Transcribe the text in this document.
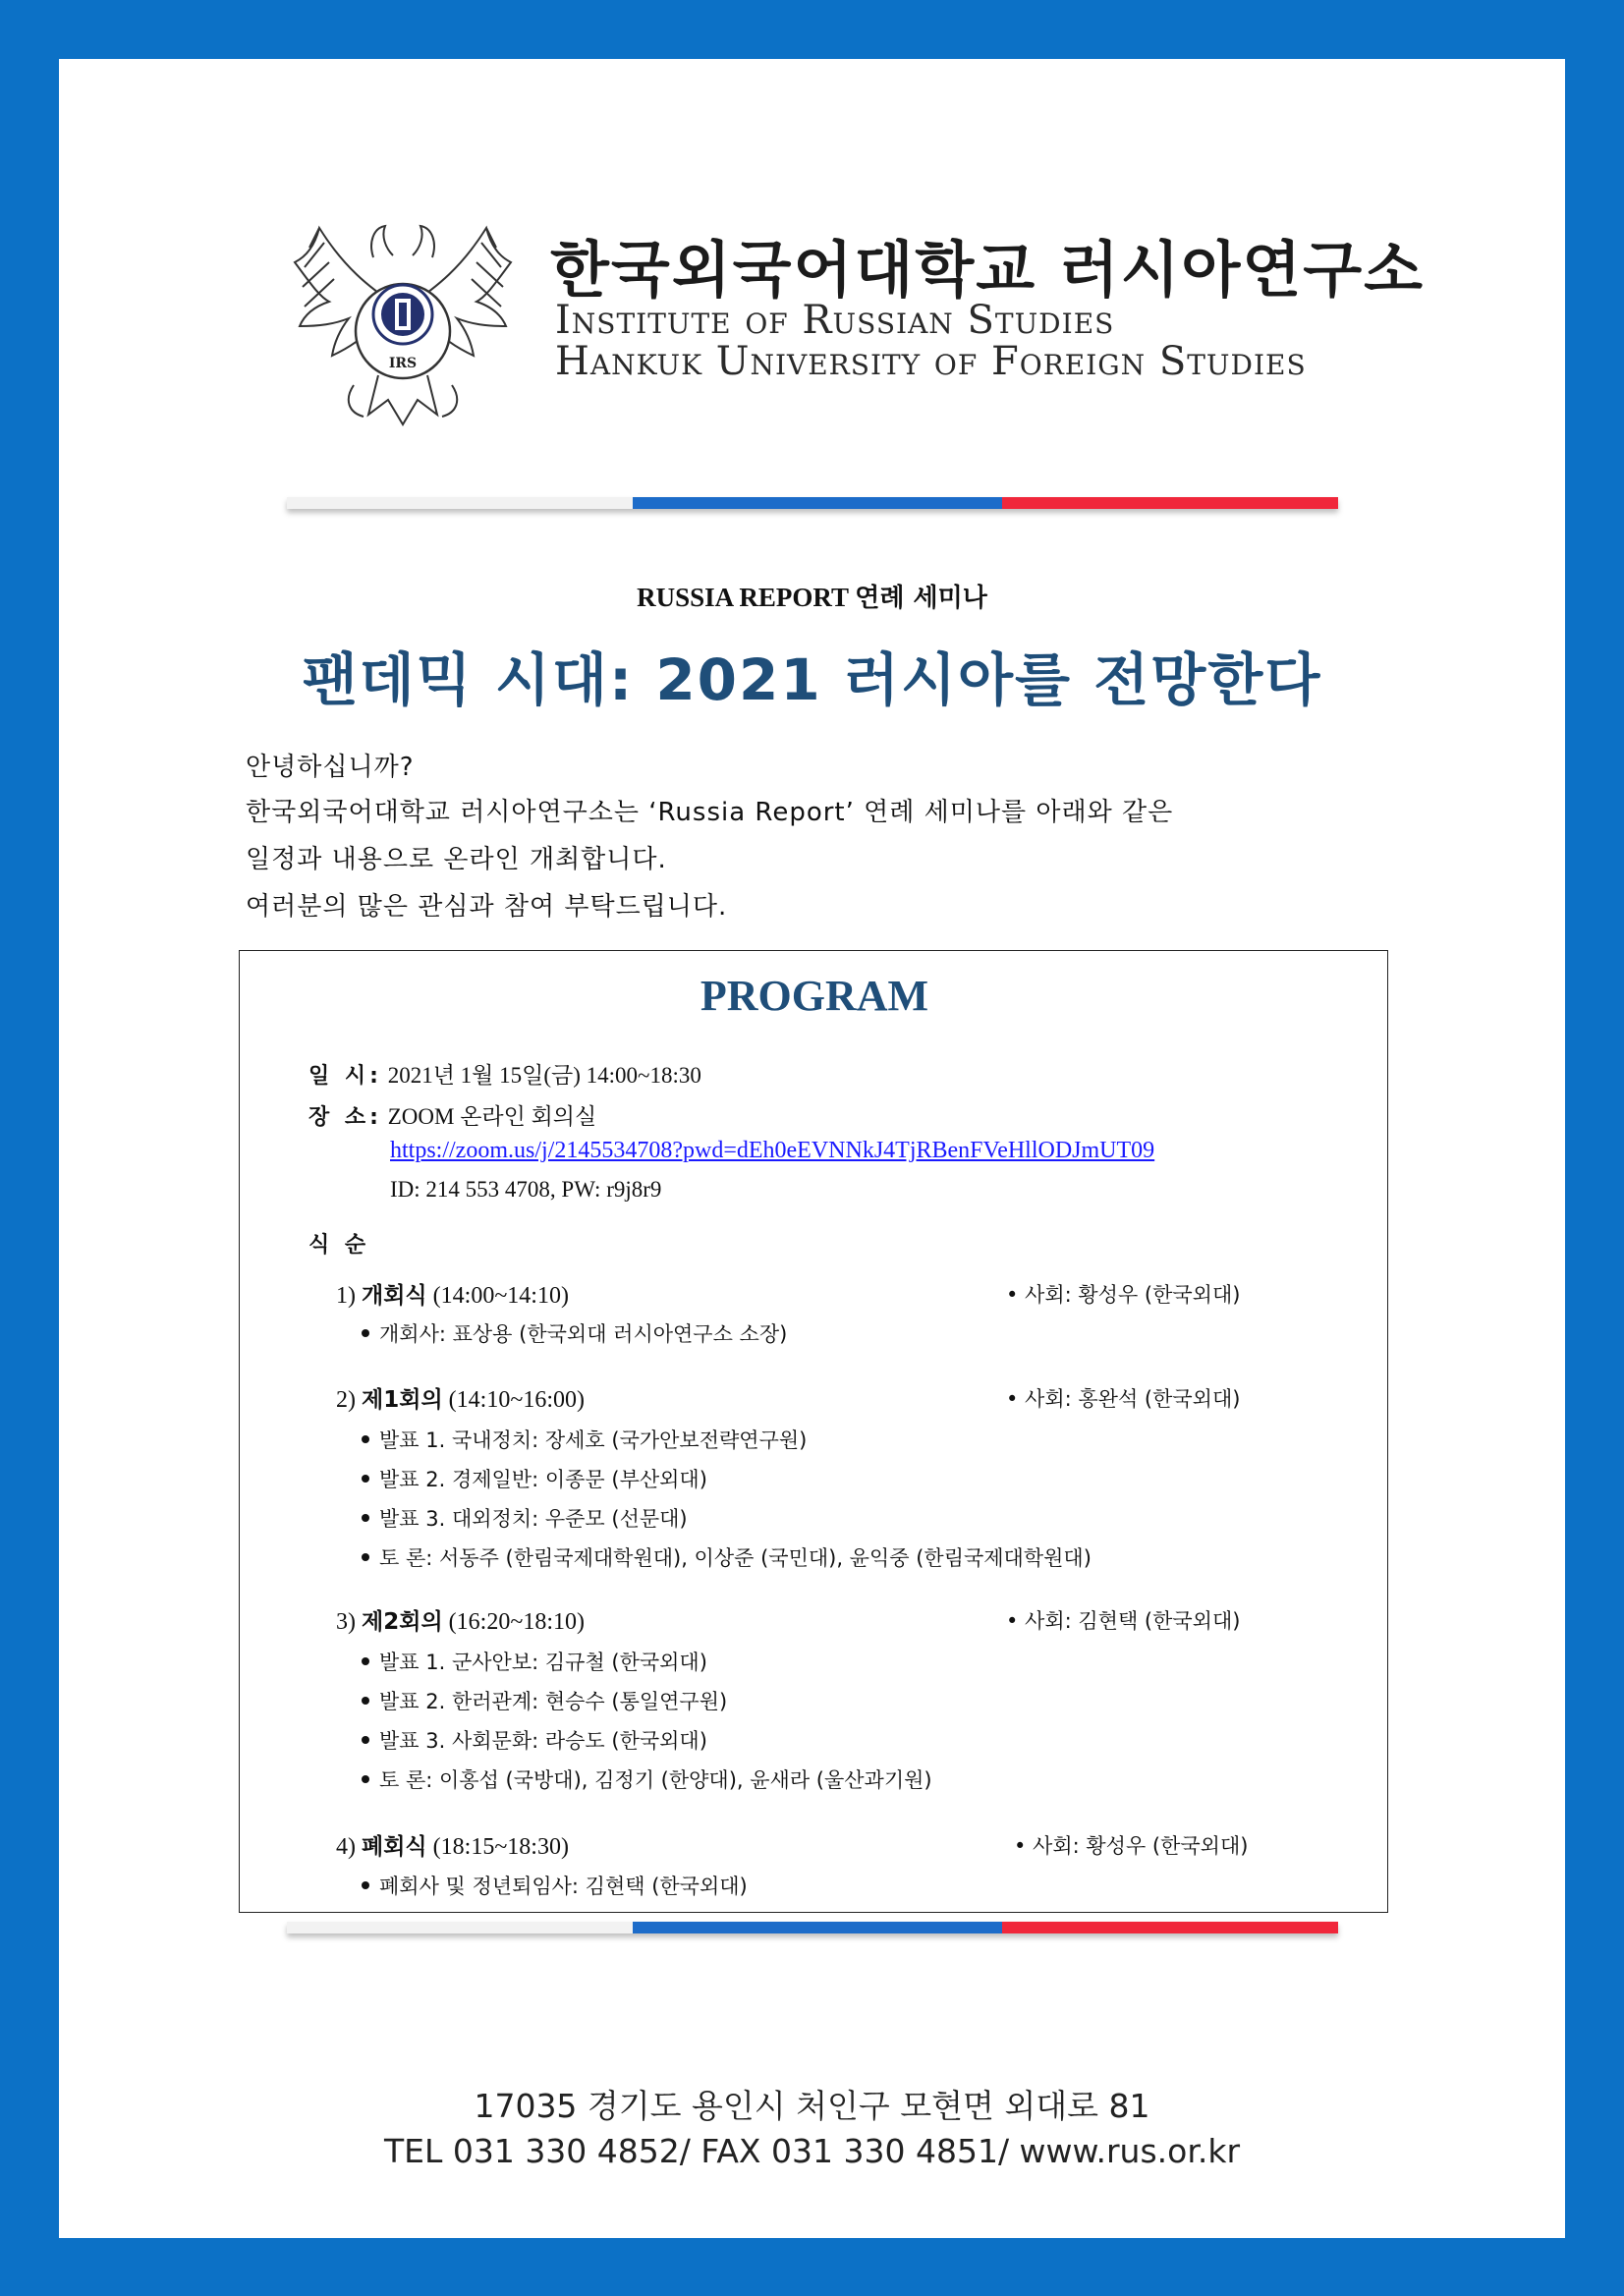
IRS
한국외국어대학교 러시아연구소
Institute of Russian Studies
Hankuk University of Foreign Studies
RUSSIA REPORT 연례 세미나
팬데믹 시대: 2021 러시아를 전망한다
안녕하십니까?
한국외국어대학교 러시아연구소는 ‘Russia Report’ 연례 세미나를 아래와 같은
일정과 내용으로 온라인 개최합니다.
여러분의 많은 관심과 참여 부탁드립니다.
PROGRAM
일 시: 2021년 1월 15일(금) 14:00~18:30
장 소: ZOOM 온라인 회의실
https://zoom.us/j/2145534708?pwd=dEh0eEVNNkJ4TjRBenFVeHllODJmUT09
ID: 214 553 4708, PW: r9j8r9
식 순
1) 개회식 (14:00~14:10)	• 사회: 황성우 (한국외대)
개회사: 표상용 (한국외대 러시아연구소 소장)
2) 제1회의 (14:10~16:00)	• 사회: 홍완석 (한국외대)
발표 1. 국내정치: 장세호 (국가안보전략연구원)
발표 2. 경제일반: 이종문 (부산외대)
발표 3. 대외정치: 우준모 (선문대)
토 론: 서동주 (한림국제대학원대), 이상준 (국민대), 윤익중 (한림국제대학원대)
3) 제2회의 (16:20~18:10)	• 사회: 김현택 (한국외대)
발표 1. 군사안보: 김규철 (한국외대)
발표 2. 한러관계: 현승수 (통일연구원)
발표 3. 사회문화: 라승도 (한국외대)
토 론: 이홍섭 (국방대), 김정기 (한양대), 윤새라 (울산과기원)
4) 폐회식 (18:15~18:30)	• 사회: 황성우 (한국외대)
폐회사 및 정년퇴임사: 김현택 (한국외대)
17035 경기도 용인시 처인구 모현면 외대로 81
TEL 031 330 4852/ FAX 031 330 4851/ www.rus.or.kr
